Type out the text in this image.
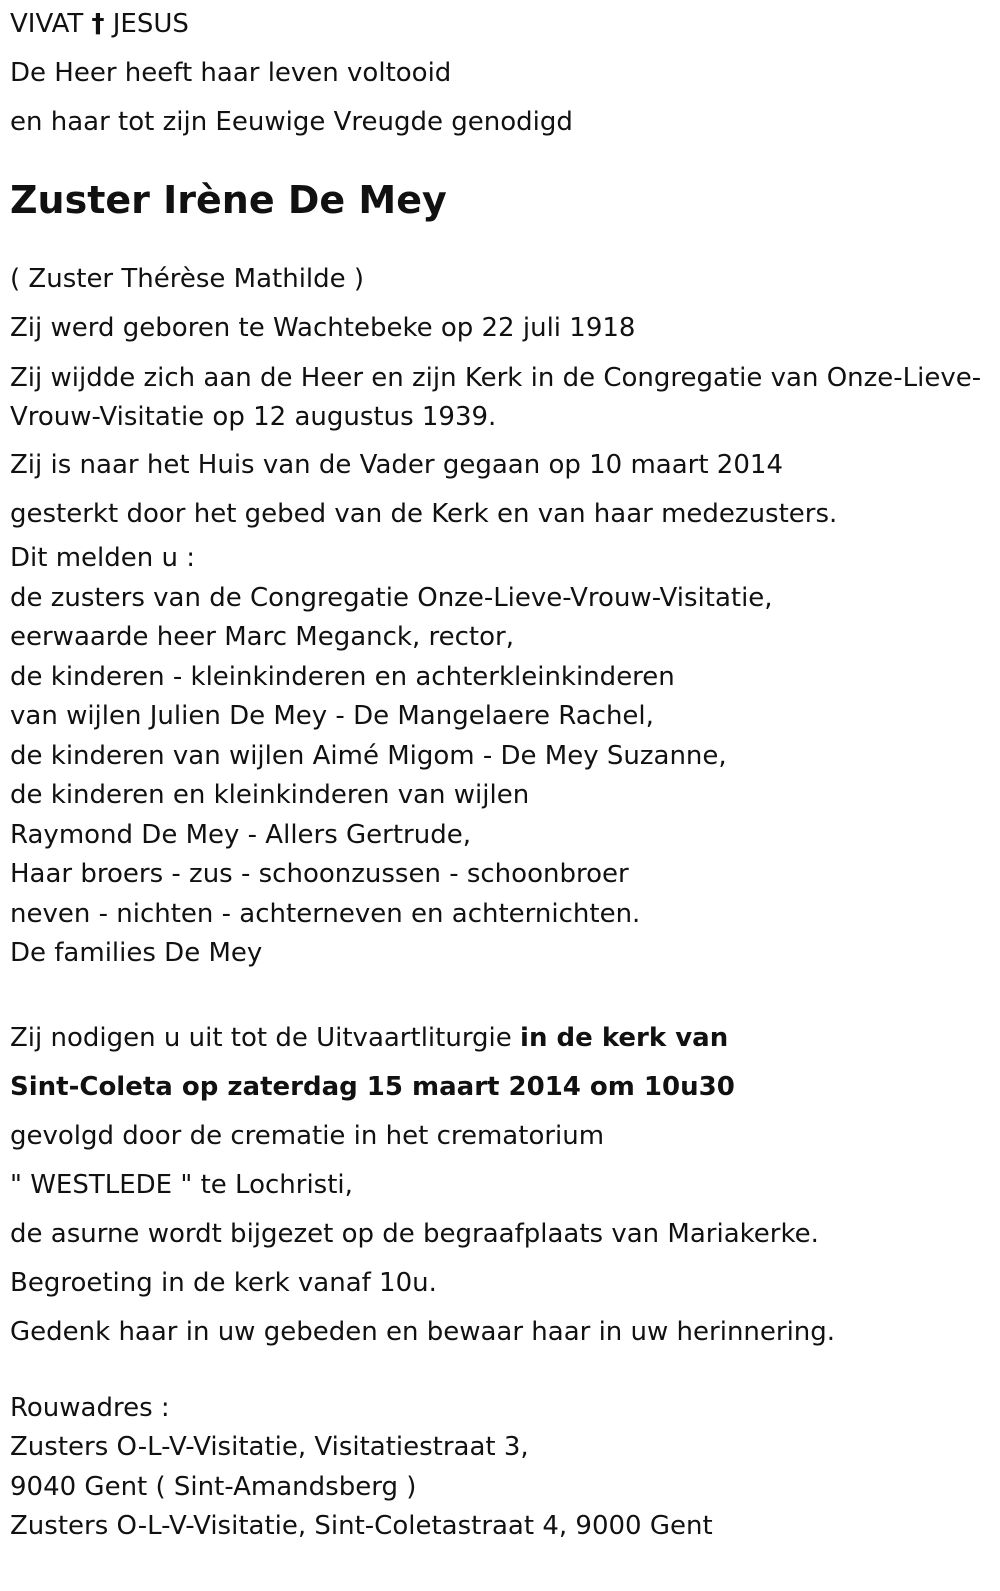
VIVAT † JESUS

De Heer heeft haar leven voltooid

en haar tot zijn Eeuwige Vreugde genodigd

Zuster Irène De Mey

( Zuster Thérèse Mathilde )

Zij werd geboren te Wachtebeke op 22 juli 1918

Zij wijdde zich aan de Heer en zijn Kerk in de Congregatie van Onze-Lieve-Vrouw-Visitatie op 12 augustus 1939.

Zij is naar het Huis van de Vader gegaan op 10 maart 2014

gesterkt door het gebed van de Kerk en van haar medezusters.

Dit melden u :

de zusters van de Congregatie Onze-Lieve-Vrouw-Visitatie,

eerwaarde heer Marc Meganck, rector,

de kinderen - kleinkinderen en achterkleinkinderen

van wijlen Julien De Mey - De Mangelaere Rachel,

de kinderen van wijlen Aimé Migom - De Mey Suzanne,

de kinderen en kleinkinderen van wijlen

Raymond De Mey - Allers Gertrude,

Haar broers - zus - schoonzussen - schoonbroer

neven - nichten - achterneven en achternichten.

De families De Mey

Zij nodigen u uit tot de Uitvaartliturgie in de kerk van

Sint-Coleta op zaterdag 15 maart 2014 om 10u30

gevolgd door de crematie in het crematorium

" WESTLEDE " te Lochristi,

de asurne wordt bijgezet op de begraafplaats van Mariakerke.

Begroeting in de kerk vanaf 10u.

Gedenk haar in uw gebeden en bewaar haar in uw herinnering.

Rouwadres :

Zusters O-L-V-Visitatie, Visitatiestraat 3,

9040 Gent ( Sint-Amandsberg )

Zusters O-L-V-Visitatie, Sint-Coletastraat 4, 9000 Gent
